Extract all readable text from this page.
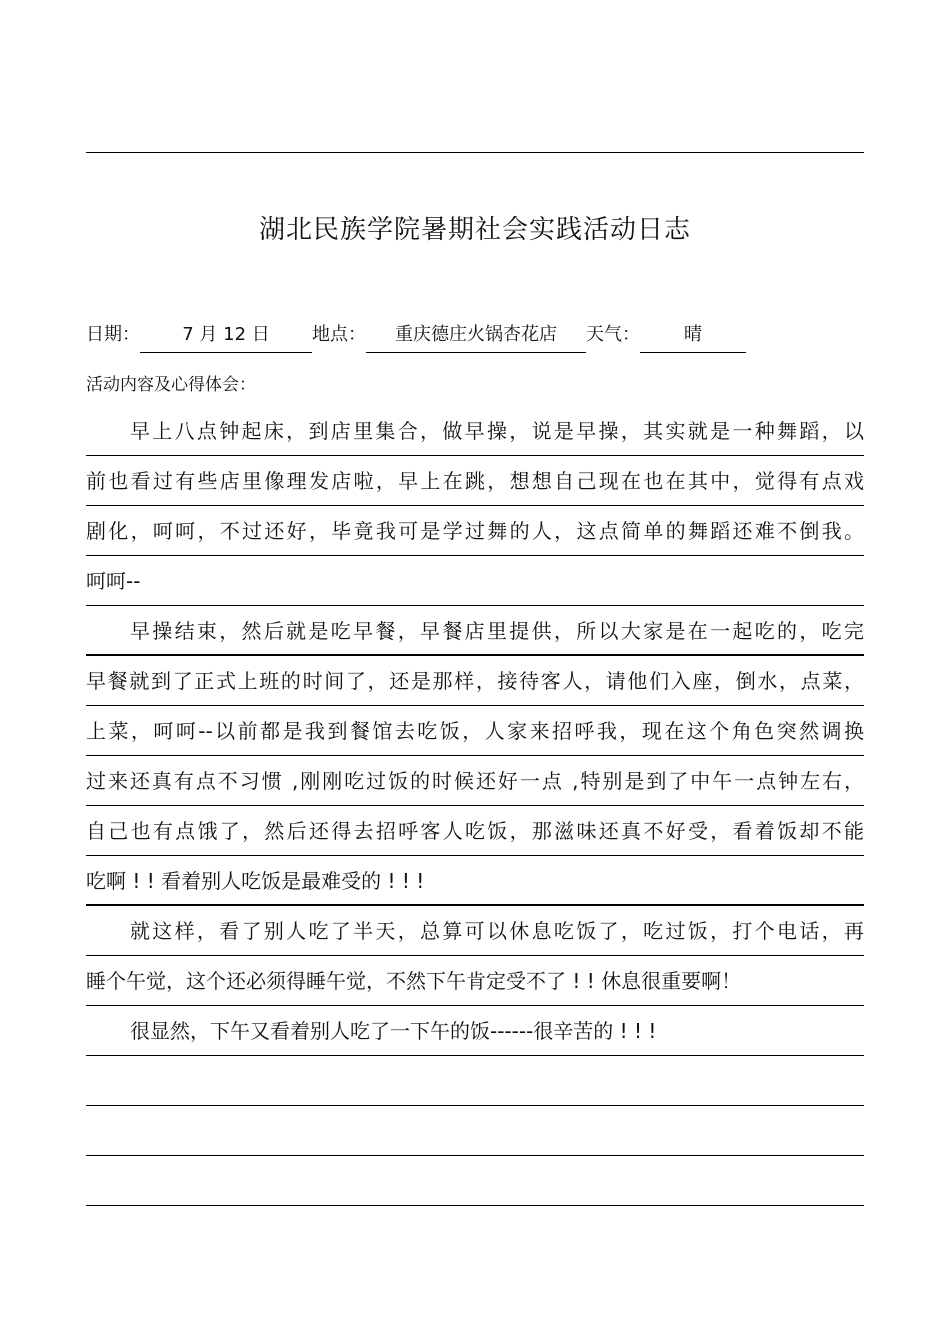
湖北民族学院暑期社会实践活动日志
日期： 7 月 12 日 地点： 重庆德庄火锅杏花店 天气： 晴
活动内容及心得体会：
早上八点钟起床，到店里集合，做早操，说是早操，其实就是一种舞蹈，以
前也看过有些店里像理发店啦，早上在跳，想想自己现在也在其中，觉得有点戏
剧化，呵呵，不过还好，毕竟我可是学过舞的人，这点简单的舞蹈还难不倒我。
呵呵--
早操结束，然后就是吃早餐，早餐店里提供，所以大家是在一起吃的，吃完
早餐就到了正式上班的时间了，还是那样，接待客人，请他们入座，倒水，点菜，
上菜，呵呵--以前都是我到餐馆去吃饭，人家来招呼我，现在这个角色突然调换
过来还真有点不习惯 ,刚刚吃过饭的时候还好一点 ,特别是到了中午一点钟左右，
自己也有点饿了，然后还得去招呼客人吃饭，那滋味还真不好受，看着饭却不能
吃啊 ! ! 看着别人吃饭是最难受的 ! ! !
就这样，看了别人吃了半天，总算可以休息吃饭了，吃过饭，打个电话，再
睡个午觉，这个还必须得睡午觉，不然下午肯定受不了 ! ! 休息很重要啊！
很显然，下午又看着别人吃了一下午的饭------很辛苦的 ! ! !
